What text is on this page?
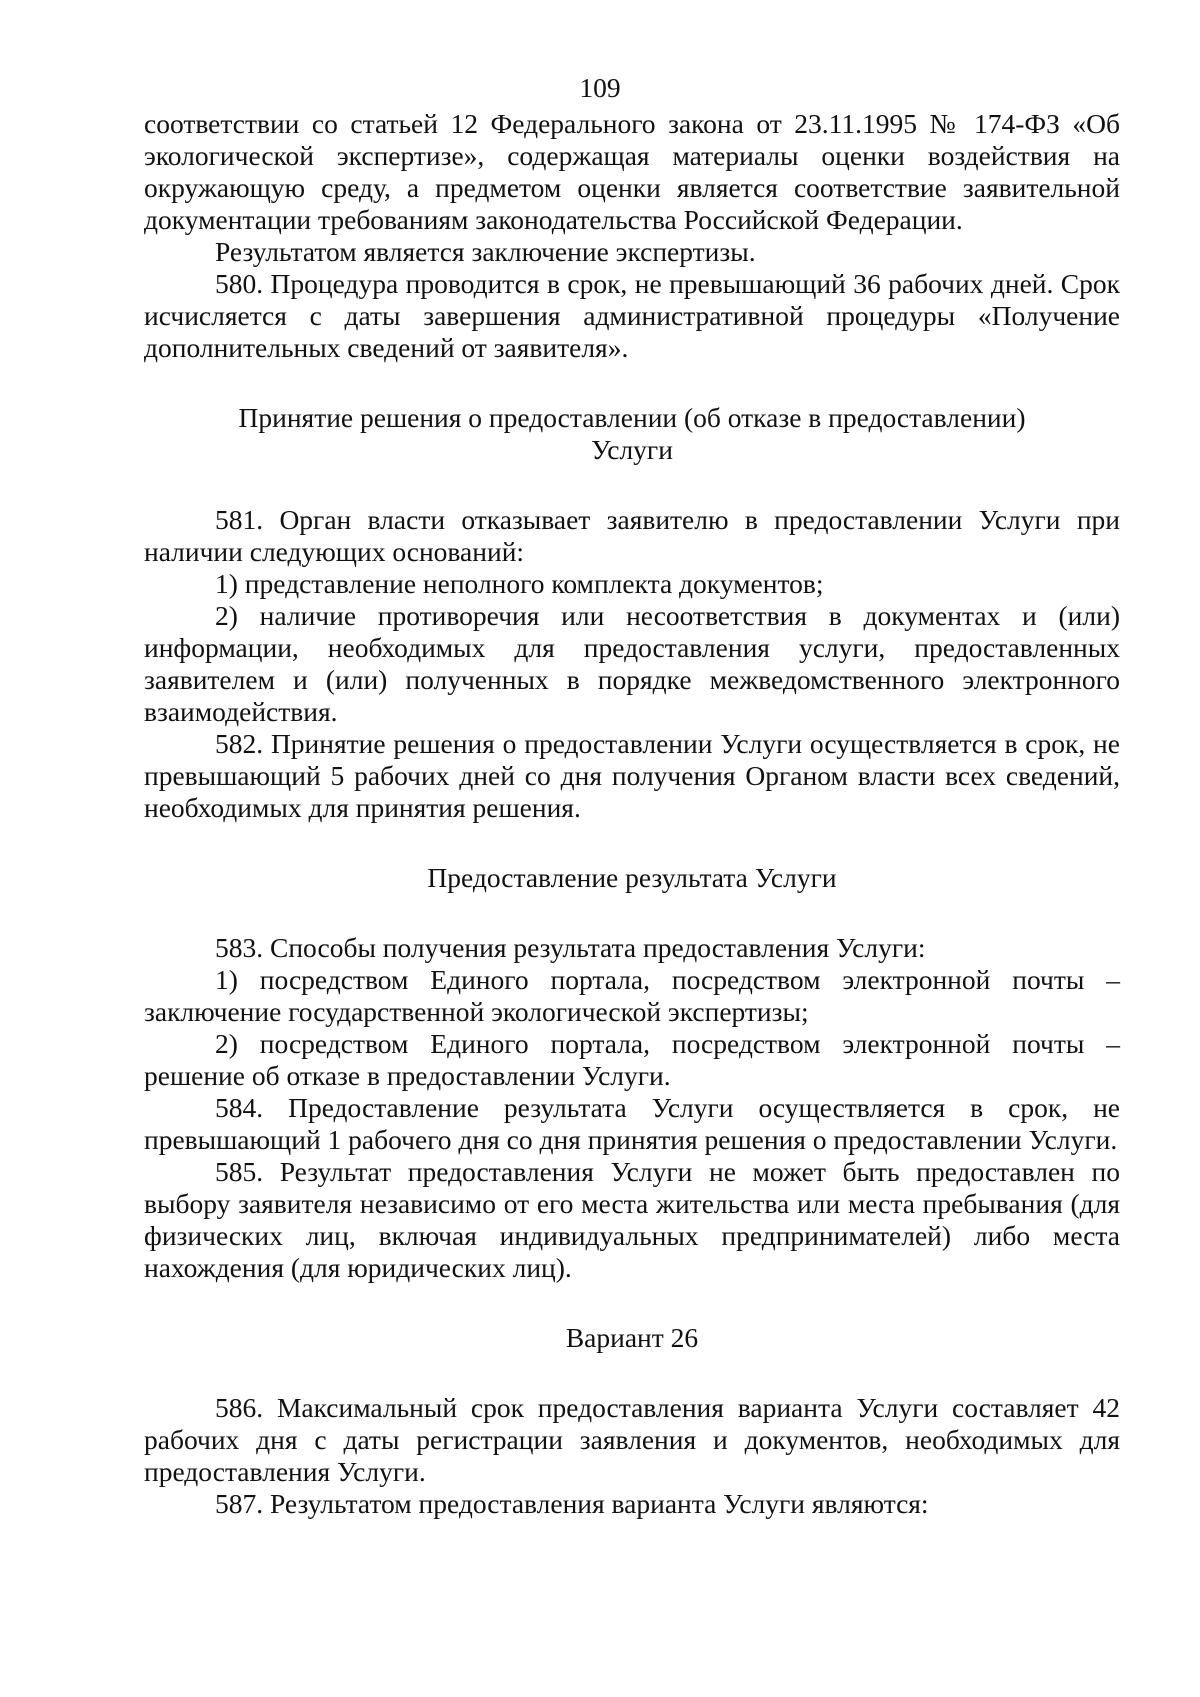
109

соответствии со статьей 12 Федерального закона от 23.11.1995 № 174-ФЗ «Об экологической экспертизе», содержащая материалы оценки воздействия на окружающую среду, а предметом оценки является соответствие заявительной документации требованиям законодательства Российской Федерации.

Результатом является заключение экспертизы.

580. Процедура проводится в срок, не превышающий 36 рабочих дней. Срок исчисляется с даты завершения административной процедуры «Получение дополнительных сведений от заявителя».

Принятие решения о предоставлении (об отказе в предоставлении) Услуги

581. Орган власти отказывает заявителю в предоставлении Услуги при наличии следующих оснований:

1) представление неполного комплекта документов;

2) наличие противоречия или несоответствия в документах и (или) информации, необходимых для предоставления услуги, предоставленных заявителем и (или) полученных в порядке межведомственного электронного взаимодействия.

582. Принятие решения о предоставлении Услуги осуществляется в срок, не превышающий 5 рабочих дней со дня получения Органом власти всех сведений, необходимых для принятия решения.

Предоставление результата Услуги

583. Способы получения результата предоставления Услуги:

1) посредством Единого портала, посредством электронной почты – заключение государственной экологической экспертизы;

2) посредством Единого портала, посредством электронной почты – решение об отказе в предоставлении Услуги.

584. Предоставление результата Услуги осуществляется в срок, не превышающий 1 рабочего дня со дня принятия решения о предоставлении Услуги.

585. Результат предоставления Услуги не может быть предоставлен по выбору заявителя независимо от его места жительства или места пребывания (для физических лиц, включая индивидуальных предпринимателей) либо места нахождения (для юридических лиц).

Вариант 26

586. Максимальный срок предоставления варианта Услуги составляет 42 рабочих дня с даты регистрации заявления и документов, необходимых для предоставления Услуги.

587. Результатом предоставления варианта Услуги являются:
